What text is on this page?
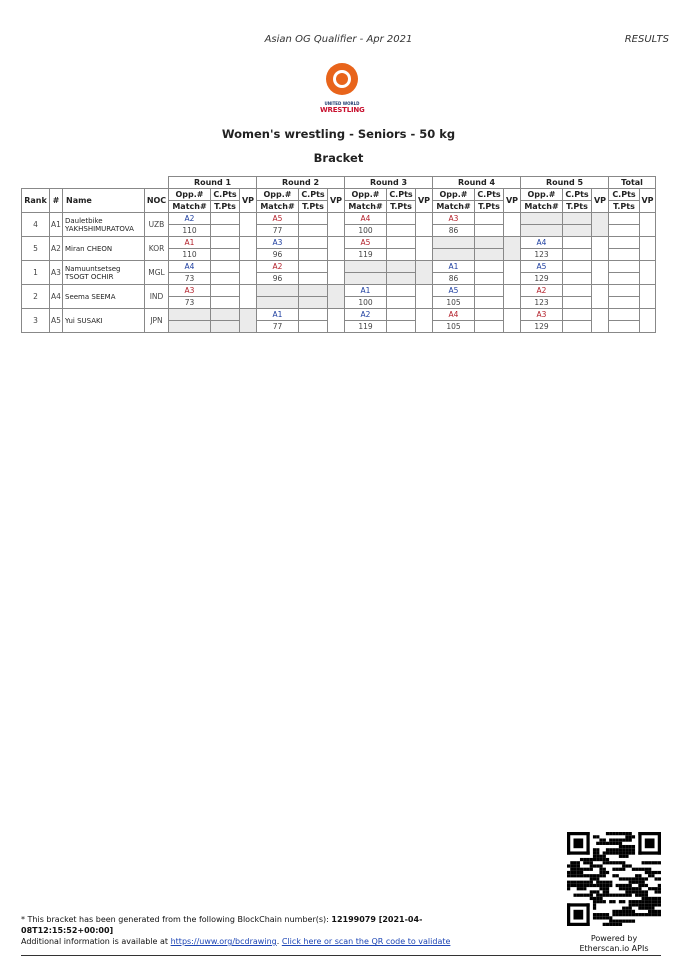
Asian OG Qualifier - Apr 2021	RESULTS
UNITED WORLD
WRESTLING
Women's wrestling - Seniors - 50 kg
Bracket
				Round 1			Round 2			Round 3			Round 4			Round 5			Total	
Rank	#	Name	NOC	Opp.#	C.Pts	VP	Opp.#	C.Pts	VP	Opp.#	C.Pts	VP	Opp.#	C.Pts	VP	Opp.#	C.Pts	VP	C.Pts	VP
				Match#	T.Pts		Match#	T.Pts		Match#	T.Pts		Match#	T.Pts		Match#	T.Pts		T.Pts	
4	A1	Dauletbike
YAKHSHIMURATOVA	UZB	A2			A5			A4			A3							
				110			77			100			86							
5	A2	Miran CHEON	KOR	A1			A3			A5						A4				
				110			96			119						123				
1	A3	Namuuntsetseg
TSOGT OCHIR	MGL	A4			A2						A1			A5				
				73			96						86			129				
2	A4	Seema SEEMA	IND	A3						A1			A5			A2				
				73						100			105			123				
3	A5	Yui SUSAKI	JPN				A1			A2			A4			A3				
							77			119			105			129				
* This bracket has been generated from the following BlockChain number(s): 12199079 [2021-04-08T12:15:52+00:00]
Additional information is available at https://uww.org/bcdrawing. Click here or scan the QR code to validate	Powered by
Etherscan.io APIs
